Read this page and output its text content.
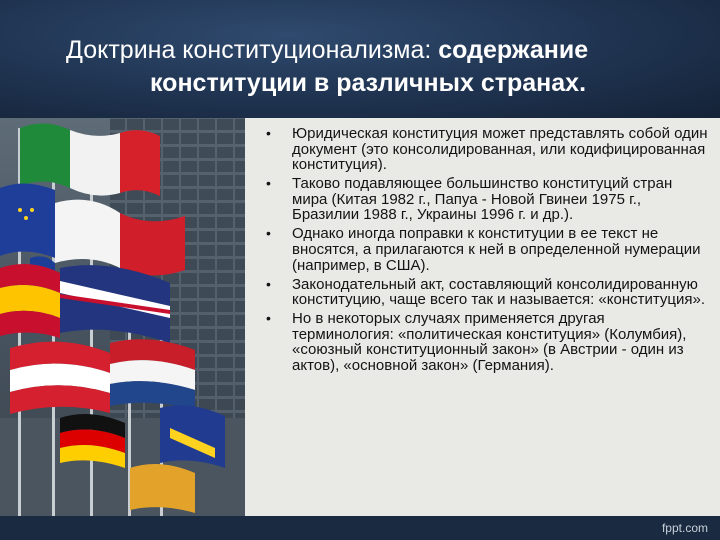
Доктрина конституционализма: содержание
конституции в различных странах.
• Юридическая конституция может представлять собой один документ (это консолидированная, или кодифицированная конституция).
• Таково подавляющее большинство конституций стран мира (Китая 1982 г., Папуа - Новой Гвинеи 1975 г., Бразилии 1988 г., Украины 1996 г. и др.).
• Однако иногда поправки к конституции в ее текст не вносятся, а прилагаются к ней в определенной нумерации (например, в США).
• Законодательный акт, составляющий консолидированную конституцию, чаще всего так и называется: «конституция».
• Но в некоторых случаях применяется другая терминология: «политическая конституция» (Колумбия), «союзный конституционный закон» (в Австрии - один из актов), «основной закон» (Германия).
fppt.com
